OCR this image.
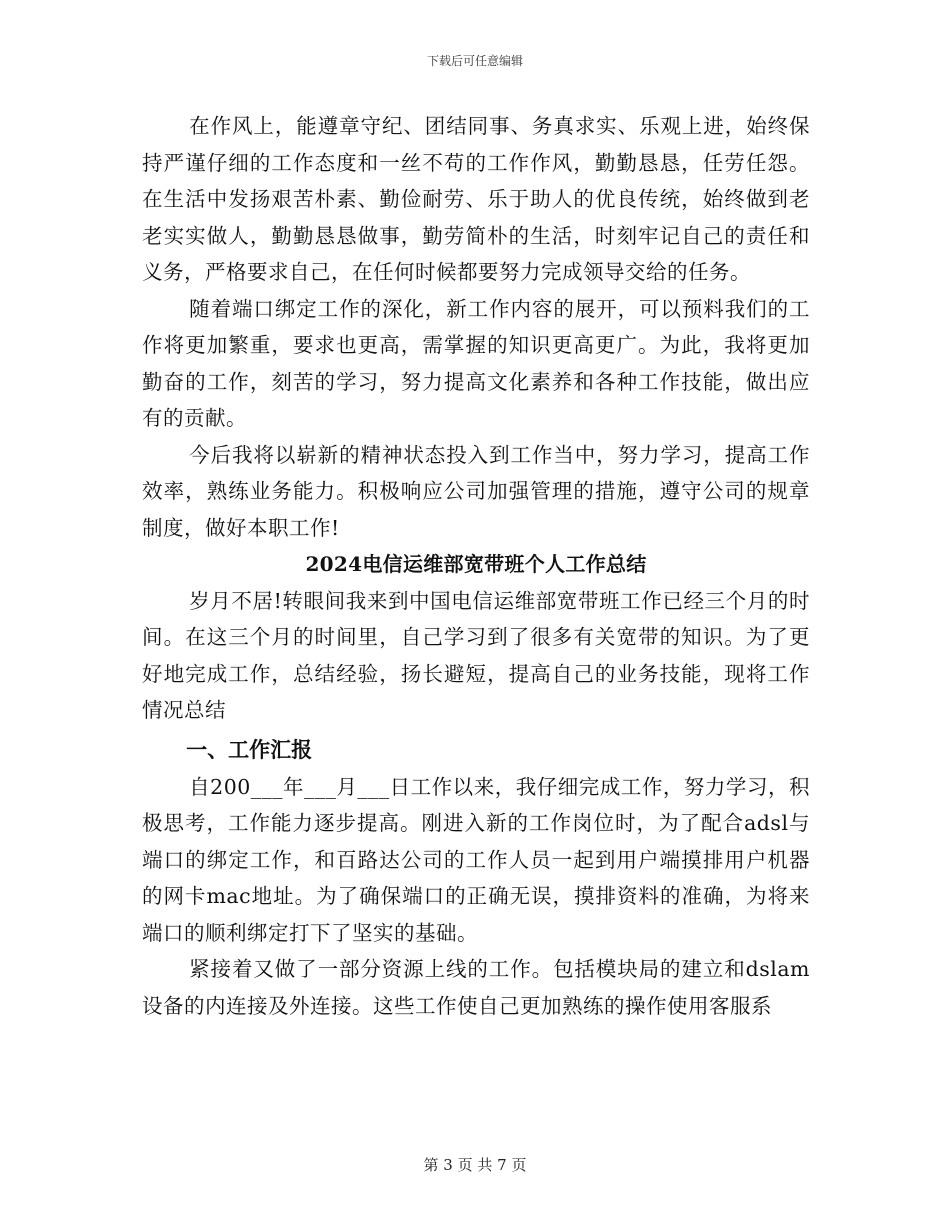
下载后可任意编辑

在作风上，能遵章守纪、团结同事、务真求实、乐观上进，始终保持严谨仔细的工作态度和一丝不苟的工作作风，勤勤恳恳，任劳任怨。在生活中发扬艰苦朴素、勤俭耐劳、乐于助人的优良传统，始终做到老老实实做人，勤勤恳恳做事，勤劳简朴的生活，时刻牢记自己的责任和义务，严格要求自己，在任何时候都要努力完成领导交给的任务。

随着端口绑定工作的深化，新工作内容的展开，可以预料我们的工作将更加繁重，要求也更高，需掌握的知识更高更广。为此，我将更加勤奋的工作，刻苦的学习，努力提高文化素养和各种工作技能，做出应有的贡献。

今后我将以崭新的精神状态投入到工作当中，努力学习，提高工作效率，熟练业务能力。积极响应公司加强管理的措施，遵守公司的规章制度，做好本职工作!

2024电信运维部宽带班个人工作总结

岁月不居!转眼间我来到中国电信运维部宽带班工作已经三个月的时间。在这三个月的时间里，自己学习到了很多有关宽带的知识。为了更好地完成工作，总结经验，扬长避短，提高自己的业务技能，现将工作情况总结

一、工作汇报

自200___年___月___日工作以来，我仔细完成工作，努力学习，积极思考，工作能力逐步提高。刚进入新的工作岗位时，为了配合adsl与端口的绑定工作，和百路达公司的工作人员一起到用户端摸排用户机器的网卡mac地址。为了确保端口的正确无误，摸排资料的准确，为将来端口的顺利绑定打下了坚实的基础。

紧接着又做了一部分资源上线的工作。包括模块局的建立和dslam设备的内连接及外连接。这些工作使自己更加熟练的操作使用客服系

第 3 页 共 7 页
